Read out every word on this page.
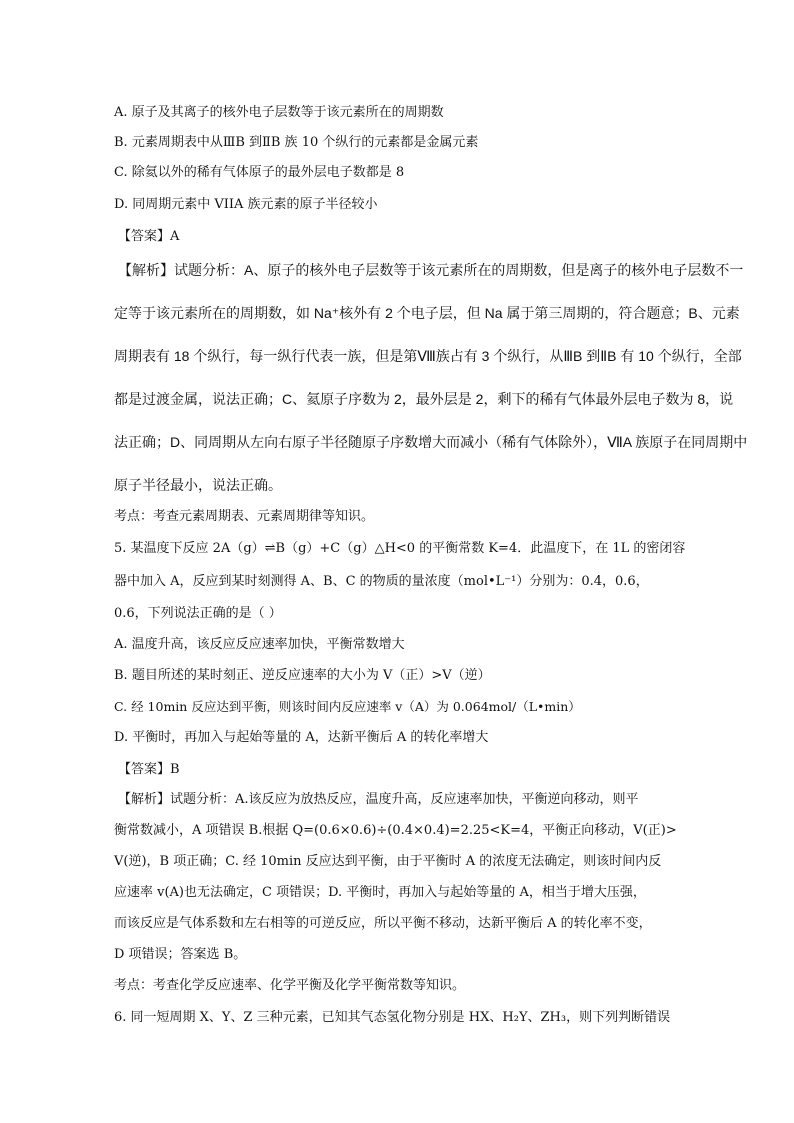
A. 原子及其离子的核外电子层数等于该元素所在的周期数
B. 元素周期表中从ⅢB 到ⅡB 族 10 个纵行的元素都是金属元素
C. 除氦以外的稀有气体原子的最外层电子数都是 8
D. 同周期元素中 VIIA 族元素的原子半径较小
【答案】A
【解析】试题分析：A、原子的核外电子层数等于该元素所在的周期数，但是离子的核外电子层数不一
定等于该元素所在的周期数，如 Na⁺核外有 2 个电子层，但 Na 属于第三周期的，符合题意；B、元素
周期表有 18 个纵行，每一纵行代表一族，但是第Ⅷ族占有 3 个纵行，从ⅢB 到ⅡB 有 10 个纵行，全部
都是过渡金属，说法正确；C、氦原子序数为 2，最外层是 2，剩下的稀有气体最外层电子数为 8，说
法正确；D、同周期从左向右原子半径随原子序数增大而减小（稀有气体除外），ⅦA 族原子在同周期中
原子半径最小，说法正确。
考点：考查元素周期表、元素周期律等知识。
5. 某温度下反应 2A（g）⇌B（g）+C（g）△H<0 的平衡常数 K=4．此温度下，在 1L 的密闭容
器中加入 A，反应到某时刻测得 A、B、C 的物质的量浓度（mol•L⁻¹）分别为：0.4，0.6，
0.6，下列说法正确的是（ ）
A. 温度升高，该反应反应速率加快，平衡常数增大
B. 题目所述的某时刻正、逆反应速率的大小为 V（正）>V（逆）
C. 经 10min 反应达到平衡，则该时间内反应速率 v（A）为 0.064mol/（L•min）
D. 平衡时，再加入与起始等量的 A，达新平衡后 A 的转化率增大
【答案】B
【解析】试题分析：A.该反应为放热反应，温度升高，反应速率加快，平衡逆向移动，则平
衡常数减小，A 项错误 B.根据 Q=(0.6×0.6)÷(0.4×0.4)=2.25<K=4，平衡正向移动，V(正)>
V(逆)，B 项正确；C. 经 10min 反应达到平衡，由于平衡时 A 的浓度无法确定，则该时间内反
应速率 v(A)也无法确定，C 项错误；D. 平衡时，再加入与起始等量的 A，相当于增大压强，
而该反应是气体系数和左右相等的可逆反应，所以平衡不移动，达新平衡后 A 的转化率不变，
D 项错误；答案选 B。
考点：考查化学反应速率、化学平衡及化学平衡常数等知识。
6. 同一短周期 X、Y、Z 三种元素，已知其气态氢化物分别是 HX、H₂Y、ZH₃，则下列判断错误
